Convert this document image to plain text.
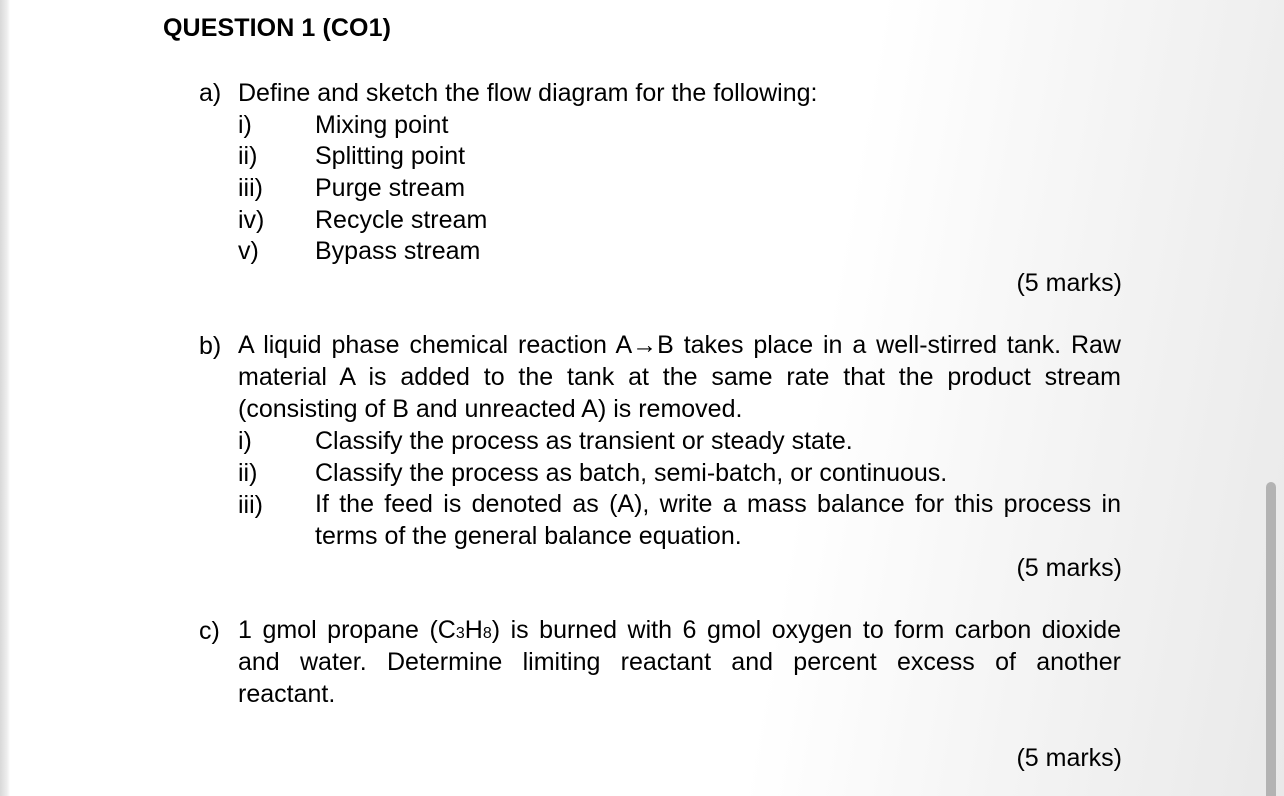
QUESTION 1 (CO1)
a) Define and sketch the flow diagram for the following:
i)	Mixing point
ii) Splitting point
iii) Purge stream
iv) Recycle stream
v) Bypass stream
(5 marks)
b) A liquid phase chemical reaction A→B takes place in a well-stirred tank. Raw
material A is added to the tank at the same rate that the product stream
(consisting of B and unreacted A) is removed.
i)	Classify the process as transient or steady state.
ii) Classify the process as batch, semi-batch, or continuous.
iii) If the feed is denoted as (A), write a mass balance for this process in
terms of the general balance equation.
(5 marks)
c) 1 gmol propane (C3H8) is burned with 6 gmol oxygen to form carbon dioxide
and water. Determine limiting reactant and percent excess of another
reactant.
(5 marks)
